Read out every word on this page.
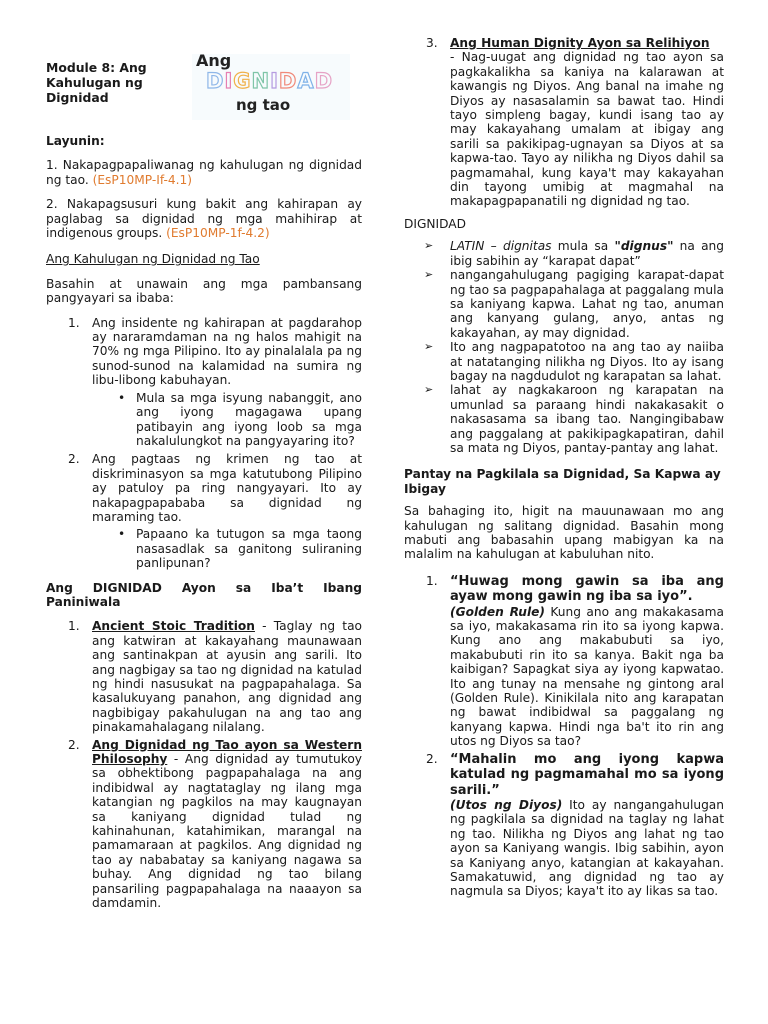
Module 8: Ang Kahulugan ng Dignidad
Ang
DIGNIDAD
ng tao
Layunin:
1. Nakapagpapaliwanag ng kahulugan ng dignidad ng tao. (EsP10MP-If-4.1)
2. Nakapagsusuri kung bakit ang kahirapan ay paglabag sa dignidad ng mga mahihirap at indigenous groups. (EsP10MP-1f-4.2)
Ang Kahulugan ng Dignidad ng Tao
Basahin at unawain ang mga pambansang pangyayari sa ibaba:
1.	Ang insidente ng kahirapan at pagdarahop ay nararamdaman na ng halos mahigit na 70% ng mga Pilipino. Ito ay pinalalala pa ng sunod-sunod na kalamidad na sumira ng libu-libong kabuhayan.
• Mula sa mga isyung nabanggit, ano ang iyong magagawa upang patibayin ang iyong loob sa mga nakalulungkot na pangyayaring ito?
2.	Ang pagtaas ng krimen ng tao at diskriminasyon sa mga katutubong Pilipino ay patuloy pa ring nangyayari. Ito ay nakapagpapababa sa dignidad ng maraming tao.
• Papaano ka tutugon sa mga taong nasasadlak sa ganitong suliraning panlipunan?
Ang DIGNIDAD Ayon sa Iba’t Ibang
Paniniwala
1.	Ancient Stoic Tradition - Taglay ng tao ang katwiran at kakayahang maunawaan ang santinakpan at ayusin ang sarili. Ito ang nagbigay sa tao ng dignidad na katulad ng hindi nasusukat na pagpapahalaga. Sa kasalukuyang panahon, ang dignidad ang nagbibigay pakahulugan na ang tao ang pinakamahalagang nilalang.
2.	Ang Dignidad ng Tao ayon sa Western Philosophy - Ang dignidad ay tumutukoy sa obhektibong pagpapahalaga na ang indibidwal ay nagtataglay ng ilang mga katangian ng pagkilos na may kaugnayan sa kaniyang dignidad tulad ng kahinahunan, katahimikan, marangal na pamamaraan at pagkilos. Ang dignidad ng tao ay nababatay sa kaniyang nagawa sa buhay. Ang dignidad ng tao bilang pansariling pagpapahalaga na naaayon sa damdamin.
3.	Ang Human Dignity Ayon sa Relihiyon
- Nag-uugat ang dignidad ng tao ayon sa pagkakalikha sa kaniya na kalarawan at kawangis ng Diyos. Ang banal na imahe ng Diyos ay nasasalamin sa bawat tao. Hindi tayo simpleng bagay, kundi isang tao ay may kakayahang umalam at ibigay ang sarili sa pakikipag-ugnayan sa Diyos at sa kapwa-tao. Tayo ay nilikha ng Diyos dahil sa pagmamahal, kung kaya't may kakayahan din tayong umibig at magmahal na makapagpapanatili ng dignidad ng tao.
DIGNIDAD
➢	LATIN – dignitas mula sa "dignus" na ang ibig sabihin ay “karapat dapat”
➢	nangangahulugang pagiging karapat-dapat ng tao sa pagpapahalaga at paggalang mula sa kaniyang kapwa. Lahat ng tao, anuman ang kanyang gulang, anyo, antas ng kakayahan, ay may dignidad.
➢	Ito ang nagpapatotoo na ang tao ay naiiba at natatanging nilikha ng Diyos. Ito ay isang bagay na nagdudulot ng karapatan sa lahat.
➢	lahat ay nagkakaroon ng karapatan na umunlad sa paraang hindi nakakasakit o nakasasama sa ibang tao. Nangingibabaw ang paggalang at pakikipagkapatiran, dahil sa mata ng Diyos, pantay-pantay ang lahat.
Pantay na Pagkilala sa Dignidad, Sa Kapwa ay Ibigay
Sa bahaging ito, higit na mauunawaan mo ang kahulugan ng salitang dignidad. Basahin mong mabuti ang babasahin upang mabigyan ka na malalim na kahulugan at kabuluhan nito.
1. “Huwag mong gawin sa iba ang ayaw mong gawin ng iba sa iyo”.
(Golden Rule) Kung ano ang makakasama sa iyo, makakasama rin ito sa iyong kapwa. Kung ano ang makabubuti sa iyo, makabubuti rin ito sa kanya. Bakit nga ba kaibigan? Sapagkat siya ay iyong kapwatao. Ito ang tunay na mensahe ng gintong aral (Golden Rule). Kinikilala nito ang karapatan ng bawat indibidwal sa paggalang ng kanyang kapwa. Hindi nga ba't ito rin ang utos ng Diyos sa tao?
2. “Mahalin mo ang iyong kapwa katulad ng pagmamahal mo sa iyong sarili.”
(Utos ng Diyos) Ito ay nangangahulugan ng pagkilala sa dignidad na taglay ng lahat ng tao. Nilikha ng Diyos ang lahat ng tao ayon sa Kaniyang wangis. Ibig sabihin, ayon sa Kaniyang anyo, katangian at kakayahan. Samakatuwid, ang dignidad ng tao ay nagmula sa Diyos; kaya't ito ay likas sa tao.
